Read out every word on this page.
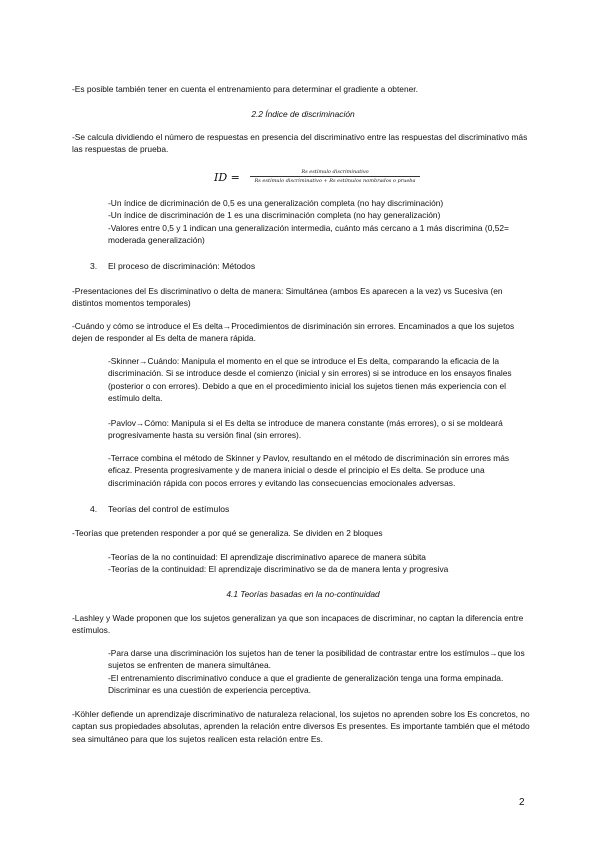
-Es posible también tener en cuenta el entrenamiento para determinar el gradiente a obtener.

2.2 Índice de discriminación

-Se calcula dividiendo el número de respuestas en presencia del discriminativo entre las respuestas del discriminativo más las respuestas de prueba.

ID =	Rs estímulo discriminativo
Rs estímulo discriminativo + Rs estímulos nombrados o prueba
-Un índice de dicriminación de 0,5 es una generalización completa (no hay discriminación)
-Un índice de discriminación de 1 es una discriminación completa (no hay generalización)
-Valores entre 0,5 y 1 indican una generalización intermedia, cuánto más cercano a 1 más discrimina (0,52= moderada generalización)
3. El proceso de discriminación: Métodos

-Presentaciones del Es discriminativo o delta de manera: Simultánea (ambos Es aparecen a la vez) vs Sucesiva (en distintos momentos temporales)

-Cuándo y cómo se introduce el Es delta→Procedimientos de disriminación sin errores. Encaminados a que los sujetos dejen de responder al Es delta de manera rápida.

-Skinner→Cuándo: Manipula el momento en el que se introduce el Es delta, comparando la eficacia de la discriminación. Si se introduce desde el comienzo (inicial y sin errores) si se introduce en los ensayos finales (posterior o con errores). Debido a que en el procedimiento inicial los sujetos tienen más experiencia con el estímulo delta.

-Pavlov→Cómo: Manipula si el Es delta se introduce de manera constante (más errores), o si se moldeará progresivamente hasta su versión final (sin errores).

-Terrace combina el método de Skinner y Pavlov, resultando en el método de discriminación sin errores más eficaz. Presenta progresivamente y de manera inicial o desde el principio el Es delta. Se produce una discriminación rápida con pocos errores y evitando las consecuencias emocionales adversas.

4. Teorías del control de estímulos

-Teorías que pretenden responder a por qué se generaliza. Se dividen en 2 bloques

-Teorías de la no continuidad: El aprendizaje discriminativo aparece de manera súbita
-Teorías de la continuidad: El aprendizaje discriminativo se da de manera lenta y progresiva

4.1 Teorías basadas en la no-continuidad

-Lashley y Wade proponen que los sujetos generalizan ya que son incapaces de discriminar, no captan la diferencia entre estímulos.

-Para darse una discriminación los sujetos han de tener la posibilidad de contrastar entre los estímulos→que los sujetos se enfrenten de manera simultánea.
-El entrenamiento discriminativo conduce a que el gradiente de generalización tenga una forma empinada. Discriminar es una cuestión de experiencia perceptiva.

-Köhler defiende un aprendizaje discriminativo de naturaleza relacional, los sujetos no aprenden sobre los Es concretos, no captan sus propiedades absolutas, aprenden la relación entre diversos Es presentes. Es importante también que el método sea simultáneo para que los sujetos realicen esta relación entre Es.

2
